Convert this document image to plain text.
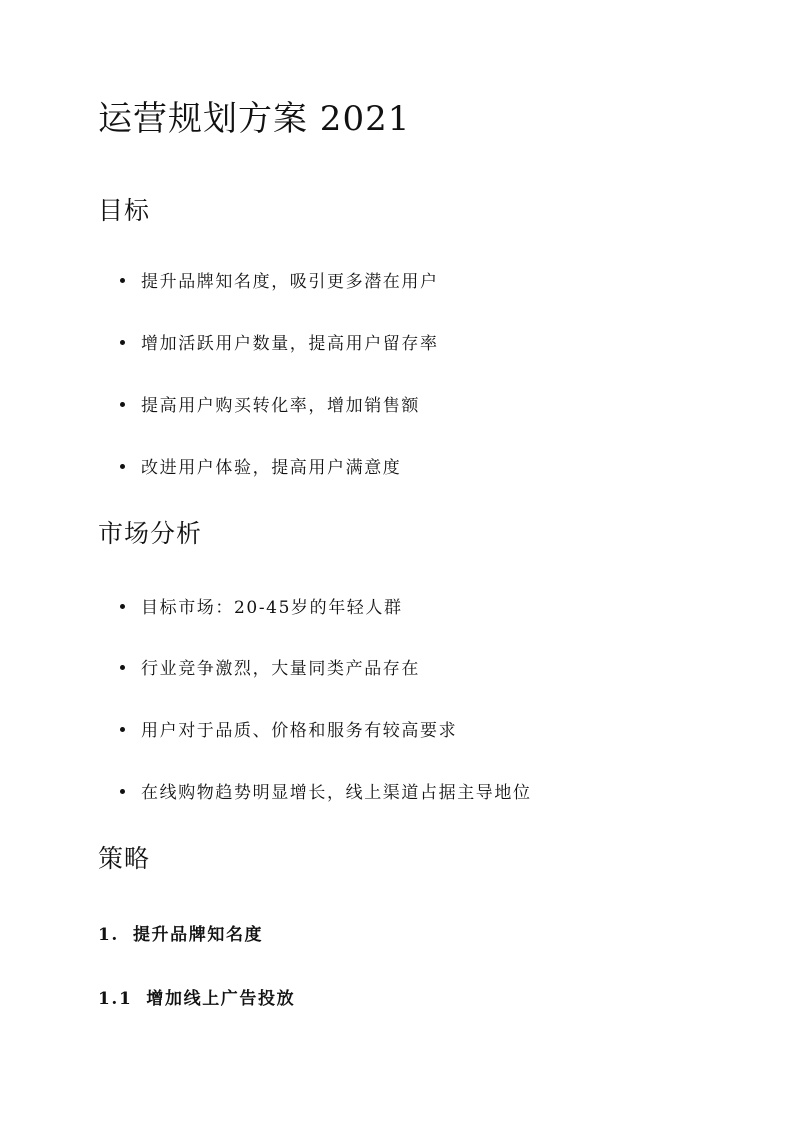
运营规划方案 2021
目标
提升品牌知名度，吸引更多潜在用户
增加活跃用户数量，提高用户留存率
提高用户购买转化率，增加销售额
改进用户体验，提高用户满意度
市场分析
目标市场：20-45岁的年轻人群
行业竞争激烈，大量同类产品存在
用户对于品质、价格和服务有较高要求
在线购物趋势明显增长，线上渠道占据主导地位
策略
1. 提升品牌知名度
1.1 增加线上广告投放
